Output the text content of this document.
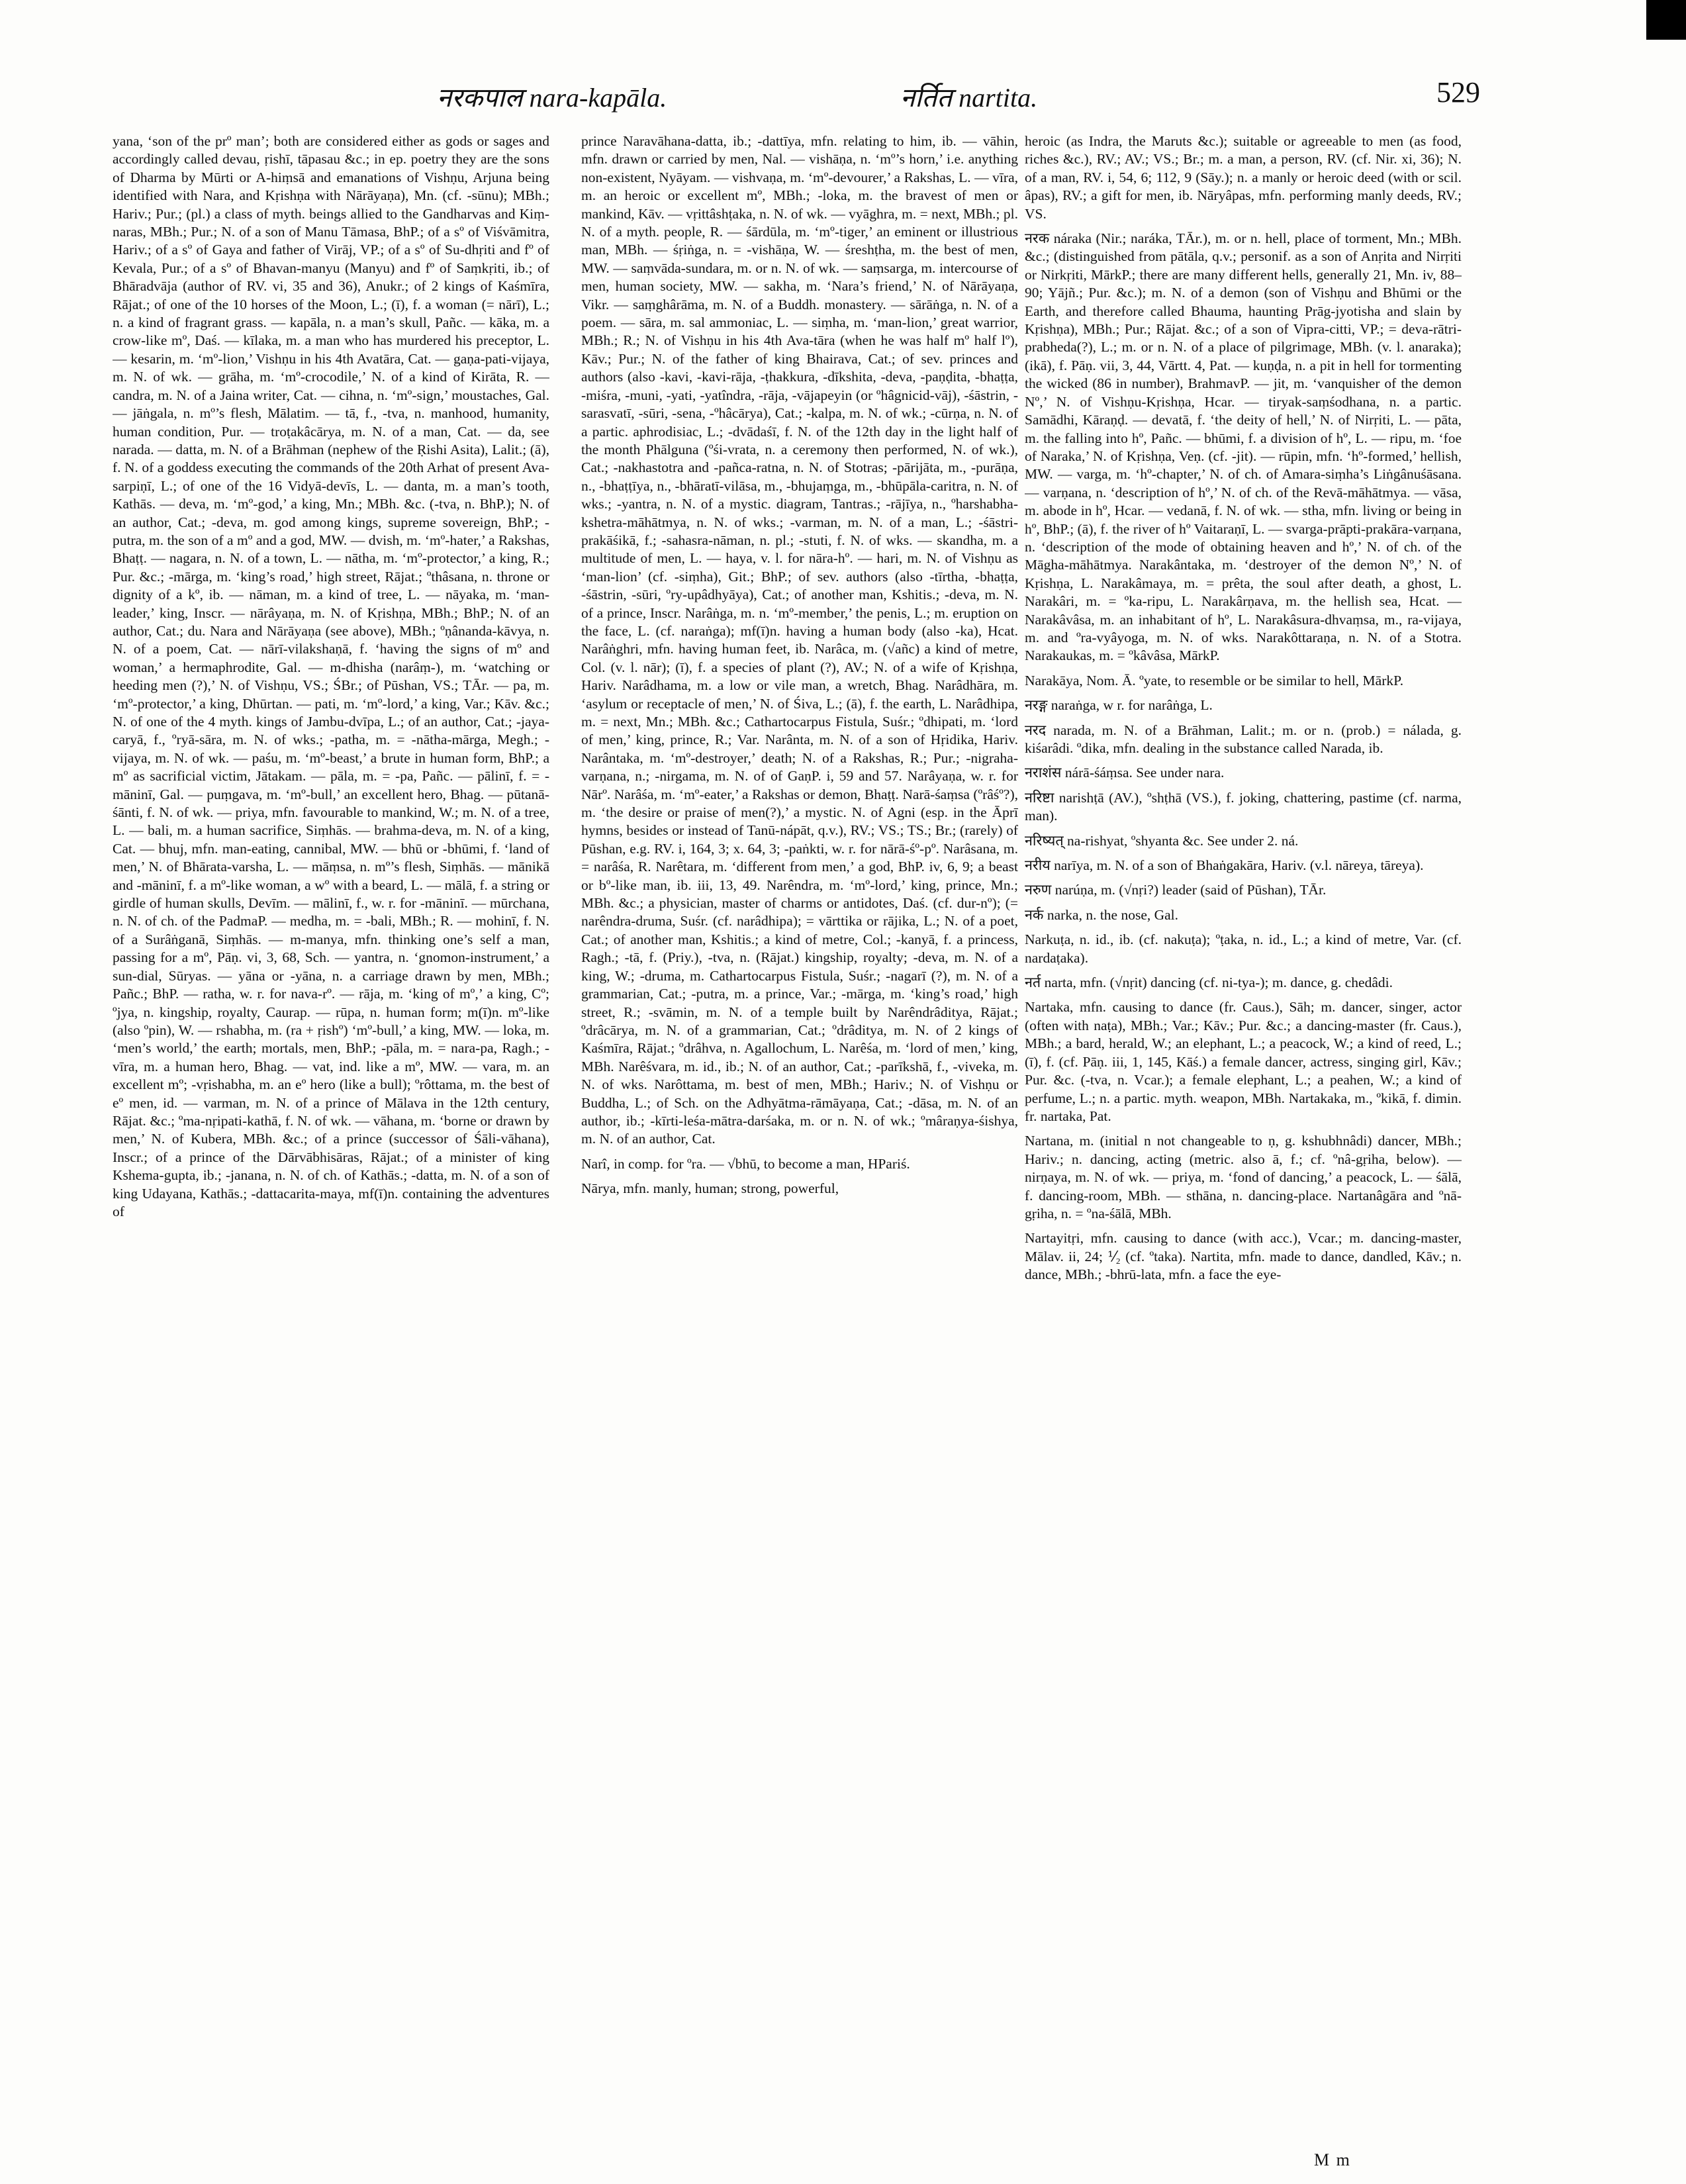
नरकपाल nara-kapāla.	नर्तित nartita.	529

yana, ‘son of the prº man’; both are considered either as gods or sages and accordingly called devau, ṛishī, tāpasau &c.; in ep. poetry they are the sons of Dharma by Mūrti or A-hiṃsā and emanations of Vishṇu, Arjuna being identified with Nara, and Kṛishṇa with Nārāyaṇa), Mn. (cf. -sūnu); MBh.; Hariv.; Pur.; (pl.) a class of myth. beings allied to the Gandharvas and Kiṃ-naras, MBh.; Pur.; N. of a son of Manu Tāmasa, BhP.; of a sº of Viśvāmitra, Hariv.; of a sº of Gaya and father of Virāj, VP.; of a sº of Su-dhṛiti and fº of Kevala, Pur.; of a sº of Bhavan-manyu (Manyu) and fº of Saṃkṛiti, ib.; of Bhāradvāja (author of RV. vi, 35 and 36), Anukr.; of 2 kings of Kaśmīra, Rājat.; of one of the 10 horses of the Moon, L.; (ī), f. a woman (= nārī), L.; n. a kind of fragrant grass. — kapāla, n. a man’s skull, Pañc. — kāka, m. a crow-like mº, Daś. — kīlaka, m. a man who has murdered his preceptor, L. — kesarin, m. ‘mº-lion,’ Vishṇu in his 4th Avatāra, Cat. — gaṇa-pati-vijaya, m. N. of wk. — grāha, m. ‘mº-crocodile,’ N. of a kind of Kirāta, R. — candra, m. N. of a Jaina writer, Cat. — cihna, n. ‘mº-sign,’ moustaches, Gal. — jāṅgala, n. mº’s flesh, Mālatim. — tā, f., -tva, n. manhood, humanity, human condition, Pur. — troṭakâcārya, m. N. of a man, Cat. — da, see narada. — datta, m. N. of a Brāhman (nephew of the Ṛishi Asita), Lalit.; (ā), f. N. of a goddess executing the commands of the 20th Arhat of present Ava-sarpiṇī, L.; of one of the 16 Vidyā-devīs, L. — danta, m. a man’s tooth, Kathās. — deva, m. ‘mº-god,’ a king, Mn.; MBh. &c. (-tva, n. BhP.); N. of an author, Cat.; -deva, m. god among kings, supreme sovereign, BhP.; -putra, m. the son of a mº and a god, MW. — dvish, m. ‘mº-hater,’ a Rakshas, Bhaṭṭ. — nagara, n. N. of a town, L. — nātha, m. ‘mº-protector,’ a king, R.; Pur. &c.; -mārga, m. ‘king’s road,’ high street, Rājat.; ºthâsana, n. throne or dignity of a kº, ib. — nāman, m. a kind of tree, L. — nāyaka, m. ‘man-leader,’ king, Inscr. — nārâyaṇa, m. N. of Kṛishṇa, MBh.; BhP.; N. of an author, Cat.; du. Nara and Nārāyaṇa (see above), MBh.; ºṇânanda-kāvya, n. N. of a poem, Cat. — nārī-vilakshaṇā, f. ‘having the signs of mº and woman,’ a hermaphrodite, Gal. — m-dhisha (narâṃ-), m. ‘watching or heeding men (?),’ N. of Vishṇu, VS.; ŚBr.; of Pūshan, VS.; TĀr. — pa, m. ‘mº-protector,’ a king, Dhūrtan. — pati, m. ‘mº-lord,’ a king, Var.; Kāv. &c.; N. of one of the 4 myth. kings of Jambu-dvīpa, L.; of an author, Cat.; -jaya-caryā, f., ºryā-sāra, m. N. of wks.; -patha, m. = -nātha-mārga, Megh.; -vijaya, m. N. of wk. — paśu, m. ‘mº-beast,’ a brute in human form, BhP.; a mº as sacrificial victim, Jātakam. — pāla, m. = -pa, Pañc. — pālinī, f. = -māninī, Gal. — puṃgava, m. ‘mº-bull,’ an excellent hero, Bhag. — pūtanā-śānti, f. N. of wk. — priya, mfn. favourable to mankind, W.; m. N. of a tree, L. — bali, m. a human sacrifice, Siṃhās. — brahma-deva, m. N. of a king, Cat. — bhuj, mfn. man-eating, cannibal, MW. — bhū or -bhūmi, f. ‘land of men,’ N. of Bhārata-varsha, L. — māṃsa, n. mº’s flesh, Siṃhās. — mānikā and -māninī, f. a mº-like woman, a wº with a beard, L. — mālā, f. a string or girdle of human skulls, Devīm. — mālinī, f., w. r. for -māninī. — mūrchana, n. N. of ch. of the PadmaP. — medha, m. = -bali, MBh.; R. — mohinī, f. N. of a Surâṅganā, Siṃhās. — m-manya, mfn. thinking one’s self a man, passing for a mº, Pāṇ. vi, 3, 68, Sch. — yantra, n. ‘gnomon-instrument,’ a sun-dial, Sūryas. — yāna or -yāna, n. a carriage drawn by men, MBh.; Pañc.; BhP. — ratha, w. r. for nava-rº. — rāja, m. ‘king of mº,’ a king, Cº; ºjya, n. kingship, royalty, Caurap. — rūpa, n. human form; m(ī)n. mº-like (also ºpin), W. — rshabha, m. (ra + ṛishº) ‘mº-bull,’ a king, MW. — loka, m. ‘men’s world,’ the earth; mortals, men, BhP.; -pāla, m. = nara-pa, Ragh.; -vīra, m. a human hero, Bhag. — vat, ind. like a mº, MW. — vara, m. an excellent mº; -vṛishabha, m. an eº hero (like a bull); ºrôttama, m. the best of eº men, id. — varman, m. N. of a prince of Mālava in the 12th century, Rājat. &c.; ºma-nṛipati-kathā, f. N. of wk. — vāhana, m. ‘borne or drawn by men,’ N. of Kubera, MBh. &c.; of a prince (successor of Śāli-vāhana), Inscr.; of a prince of the Dārvābhisāras, Rājat.; of a minister of king Kshema-gupta, ib.; -janana, n. N. of ch. of Kathās.; -datta, m. N. of a son of king Udayana, Kathās.; -dattacarita-maya, mf(ī)n. containing the adventures of

prince Naravāhana-datta, ib.; -dattīya, mfn. relating to him, ib. — vāhin, mfn. drawn or carried by men, Nal. — vishāṇa, n. ‘mº’s horn,’ i.e. anything non-existent, Nyāyam. — vishvaṇa, m. ‘mº-devourer,’ a Rakshas, L. — vīra, m. an heroic or excellent mº, MBh.; -loka, m. the bravest of men or mankind, Kāv. — vṛittâshṭaka, n. N. of wk. — vyāghra, m. = next, MBh.; pl. N. of a myth. people, R. — śārdūla, m. ‘mº-tiger,’ an eminent or illustrious man, MBh. — śṛiṅga, n. = -vishāṇa, W. — śreshṭha, m. the best of men, MW. — saṃvāda-sundara, m. or n. N. of wk. — saṃsarga, m. intercourse of men, human society, MW. — sakha, m. ‘Nara’s friend,’ N. of Nārāyaṇa, Vikr. — saṃghârāma, m. N. of a Buddh. monastery. — sārāṅga, n. N. of a poem. — sāra, m. sal ammoniac, L. — siṃha, m. ‘man-lion,’ great warrior, MBh.; R.; N. of Vishṇu in his 4th Ava-tāra (when he was half mº half lº), Kāv.; Pur.; N. of the father of king Bhairava, Cat.; of sev. princes and authors (also -kavi, -kavi-rāja, -ṭhakkura, -dīkshita, -deva, -paṇḍita, -bhaṭṭa, -miśra, -muni, -yati, -yatîndra, -rāja, -vājapeyin (or ºhâgnicid-vāj), -śāstrin, -sarasvatī, -sūri, -sena, -ºhâcārya), Cat.; -kalpa, m. N. of wk.; -cūrṇa, n. N. of a partic. aphrodisiac, L.; -dvādaśī, f. N. of the 12th day in the light half of the month Phālguna (ºśi-vrata, n. a ceremony then performed, N. of wk.), Cat.; -nakhastotra and -pañca-ratna, n. N. of Stotras; -pārijāta, m., -purāṇa, n., -bhaṭṭīya, n., -bhāratī-vilāsa, m., -bhujaṃga, m., -bhūpāla-caritra, n. N. of wks.; -yantra, n. N. of a mystic. diagram, Tantras.; -rājīya, n., ºharshabha-kshetra-māhātmya, n. N. of wks.; -varman, m. N. of a man, L.; -śāstri-prakāśikā, f.; -sahasra-nāman, n. pl.; -stuti, f. N. of wks. — skandha, m. a multitude of men, L. — haya, v. l. for nāra-hº. — hari, m. N. of Vishṇu as ‘man-lion’ (cf. -siṃha), Git.; BhP.; of sev. authors (also -tīrtha, -bhaṭṭa, -śāstrin, -sūri, ºry-upâdhyāya), Cat.; of another man, Kshitis.; -deva, m. N. of a prince, Inscr. Narâṅga, m. n. ‘mº-member,’ the penis, L.; m. eruption on the face, L. (cf. naraṅga); mf(ī)n. having a human body (also -ka), Hcat. Narâṅghri, mfn. having human feet, ib. Narâca, m. (√añc) a kind of metre, Col. (v. l. nār); (ī), f. a species of plant (?), AV.; N. of a wife of Kṛishṇa, Hariv. Narâdhama, m. a low or vile man, a wretch, Bhag. Narâdhāra, m. ‘asylum or receptacle of men,’ N. of Śiva, L.; (ā), f. the earth, L. Narâdhipa, m. = next, Mn.; MBh. &c.; Cathartocarpus Fistula, Suśr.; ºdhipati, m. ‘lord of men,’ king, prince, R.; Var. Narânta, m. N. of a son of Hṛidika, Hariv. Narântaka, m. ‘mº-destroyer,’ death; N. of a Rakshas, R.; Pur.; -nigraha-varṇana, n.; -nirgama, m. N. of of GaṇP. i, 59 and 57. Narâyaṇa, w. r. for Nārº. Narâśa, m. ‘mº-eater,’ a Rakshas or demon, Bhaṭṭ. Narā-śaṃsa (ºrâśº?), m. ‘the desire or praise of men(?),’ a mystic. N. of Agni (esp. in the Āprī hymns, besides or instead of Tanū-nápāt, q.v.), RV.; VS.; TS.; Br.; (rarely) of Pūshan, e.g. RV. i, 164, 3; x. 64, 3; -paṅkti, w. r. for nārā-śº-pº. Narâsana, m. = narâśa, R. Narêtara, m. ‘different from men,’ a god, BhP. iv, 6, 9; a beast or bº-like man, ib. iii, 13, 49. Narêndra, m. ‘mº-lord,’ king, prince, Mn.; MBh. &c.; a physician, master of charms or antidotes, Daś. (cf. dur-nº); (= narêndra-druma, Suśr. (cf. narâdhipa); = vārttika or rājika, L.; N. of a poet, Cat.; of another man, Kshitis.; a kind of metre, Col.; -kanyā, f. a princess, Ragh.; -tā, f. (Priy.), -tva, n. (Rājat.) kingship, royalty; -deva, m. N. of a king, W.; -druma, m. Cathartocarpus Fistula, Suśr.; -nagarī (?), m. N. of a grammarian, Cat.; -putra, m. a prince, Var.; -mārga, m. ‘king’s road,’ high street, R.; -svāmin, m. N. of a temple built by Narêndrâditya, Rājat.; ºdrâcārya, m. N. of a grammarian, Cat.; ºdrâditya, m. N. of 2 kings of Kaśmīra, Rājat.; ºdrâhva, n. Agallochum, L. Narêśa, m. ‘lord of men,’ king, MBh. Narêśvara, m. id., ib.; N. of an author, Cat.; -parīkshā, f., -viveka, m. N. of wks. Narôttama, m. best of men, MBh.; Hariv.; N. of Vishṇu or Buddha, L.; of Sch. on the Adhyātma-rāmāyaṇa, Cat.; -dāsa, m. N. of an author, ib.; -kīrti-leśa-mātra-darśaka, m. or n. N. of wk.; ºmâraṇya-śishya, m. N. of an author, Cat.

Narî, in comp. for ºra. — √bhū, to become a man, HPariś.

Nārya, mfn. manly, human; strong, powerful,

heroic (as Indra, the Maruts &c.); suitable or agreeable to men (as food, riches &c.), RV.; AV.; VS.; Br.; m. a man, a person, RV. (cf. Nir. xi, 36); N. of a man, RV. i, 54, 6; 112, 9 (Sāy.); n. a manly or heroic deed (with or scil. âpas), RV.; a gift for men, ib. Nāryâpas, mfn. performing manly deeds, RV.; VS.

नरक náraka (Nir.; naráka, TĀr.), m. or n. hell, place of torment, Mn.; MBh. &c.; (distinguished from pātāla, q.v.; personif. as a son of Anṛita and Nirṛiti or Nirkṛiti, MārkP.; there are many different hells, generally 21, Mn. iv, 88–90; Yājñ.; Pur. &c.); m. N. of a demon (son of Vishṇu and Bhūmi or the Earth, and therefore called Bhauma, haunting Prāg-jyotisha and slain by Kṛishṇa), MBh.; Pur.; Rājat. &c.; of a son of Vipra-citti, VP.; = deva-rātri-prabheda(?), L.; m. or n. N. of a place of pilgrimage, MBh. (v. l. anaraka); (ikā), f. Pāṇ. vii, 3, 44, Vārtt. 4, Pat. — kuṇḍa, n. a pit in hell for tormenting the wicked (86 in number), BrahmavP. — jit, m. ‘vanquisher of the demon Nº,’ N. of Vishṇu-Kṛishṇa, Hcar. — tiryak-saṃśodhana, n. a partic. Samādhi, Kāraṇḍ. — devatā, f. ‘the deity of hell,’ N. of Nirṛiti, L. — pāta, m. the falling into hº, Pañc. — bhūmi, f. a division of hº, L. — ripu, m. ‘foe of Naraka,’ N. of Kṛishṇa, Veṇ. (cf. -jit). — rūpin, mfn. ‘hº-formed,’ hellish, MW. — varga, m. ‘hº-chapter,’ N. of ch. of Amara-siṃha’s Liṅgânuśāsana. — varṇana, n. ‘description of hº,’ N. of ch. of the Revā-māhātmya. — vāsa, m. abode in hº, Hcar. — vedanā, f. N. of wk. — stha, mfn. living or being in hº, BhP.; (ā), f. the river of hº Vaitaraṇī, L. — svarga-prāpti-prakāra-varṇana, n. ‘description of the mode of obtaining heaven and hº,’ N. of ch. of the Māgha-māhātmya. Narakântaka, m. ‘destroyer of the demon Nº,’ N. of Kṛishṇa, L. Narakâmaya, m. = prêta, the soul after death, a ghost, L. Narakâri, m. = ºka-ripu, L. Narakârṇava, m. the hellish sea, Hcat. — Narakâvâsa, m. an inhabitant of hº, L. Narakâsura-dhvaṃsa, m., ra-vijaya, m. and ºra-vyâyoga, m. N. of wks. Narakôttaraṇa, n. N. of a Stotra. Narakaukas, m. = ºkâvâsa, MārkP.

Narakāya, Nom. Ā. ºyate, to resemble or be similar to hell, MārkP.

नरङ्ग naraṅga, w r. for narâṅga, L.

नरद narada, m. N. of a Brāhman, Lalit.; m. or n. (prob.) = nálada, g. kiśarâdi. ºdika, mfn. dealing in the substance called Narada, ib.

नराशंस nárā-śáṃsa. See under nara.

नरिष्टा narishṭā (AV.), ºshṭhā (VS.), f. joking, chattering, pastime (cf. narma, man).

नरिष्यत् na-rishyat, ºshyanta &c. See under 2. ná.

नरीय narīya, m. N. of a son of Bhaṅgakāra, Hariv. (v.l. nāreya, tāreya).

नरुण narúṇa, m. (√nṛi?) leader (said of Pūshan), TĀr.

नर्क narka, n. the nose, Gal.

Narkuṭa, n. id., ib. (cf. nakuṭa); ºṭaka, n. id., L.; a kind of metre, Var. (cf. nardaṭaka).

नर्त narta, mfn. (√nṛit) dancing (cf. ni-tya-); m. dance, g. chedâdi.

Nartaka, mfn. causing to dance (fr. Caus.), Sāh; m. dancer, singer, actor (often with naṭa), MBh.; Var.; Kāv.; Pur. &c.; a dancing-master (fr. Caus.), MBh.; a bard, herald, W.; an elephant, L.; a peacock, W.; a kind of reed, L.; (ī), f. (cf. Pāṇ. iii, 1, 145, Kāś.) a female dancer, actress, singing girl, Kāv.; Pur. &c. (-tva, n. Vcar.); a female elephant, L.; a peahen, W.; a kind of perfume, L.; n. a partic. myth. weapon, MBh. Nartakaka, m., ºkikā, f. dimin. fr. nartaka, Pat.

Nartana, m. (initial n not changeable to ṇ, g. kshubhnâdi) dancer, MBh.; Hariv.; n. dancing, acting (metric. also ā, f.; cf. ºnâ-gṛiha, below). — nirṇaya, m. N. of wk. — priya, m. ‘fond of dancing,’ a peacock, L. — śālā, f. dancing-room, MBh. — sthāna, n. dancing-place. Nartanâgāra and ºnā-gṛiha, n. = ºna-śālā, MBh.

Nartayitṛi, mfn. causing to dance (with acc.), Vcar.; m. dancing-master, Mālav. ii, 24; ⅟₂ (cf. ºtaka). Nartita, mfn. made to dance, dandled, Kāv.; n. dance, MBh.; -bhrū-lata, mfn. a face the eye-

M m
